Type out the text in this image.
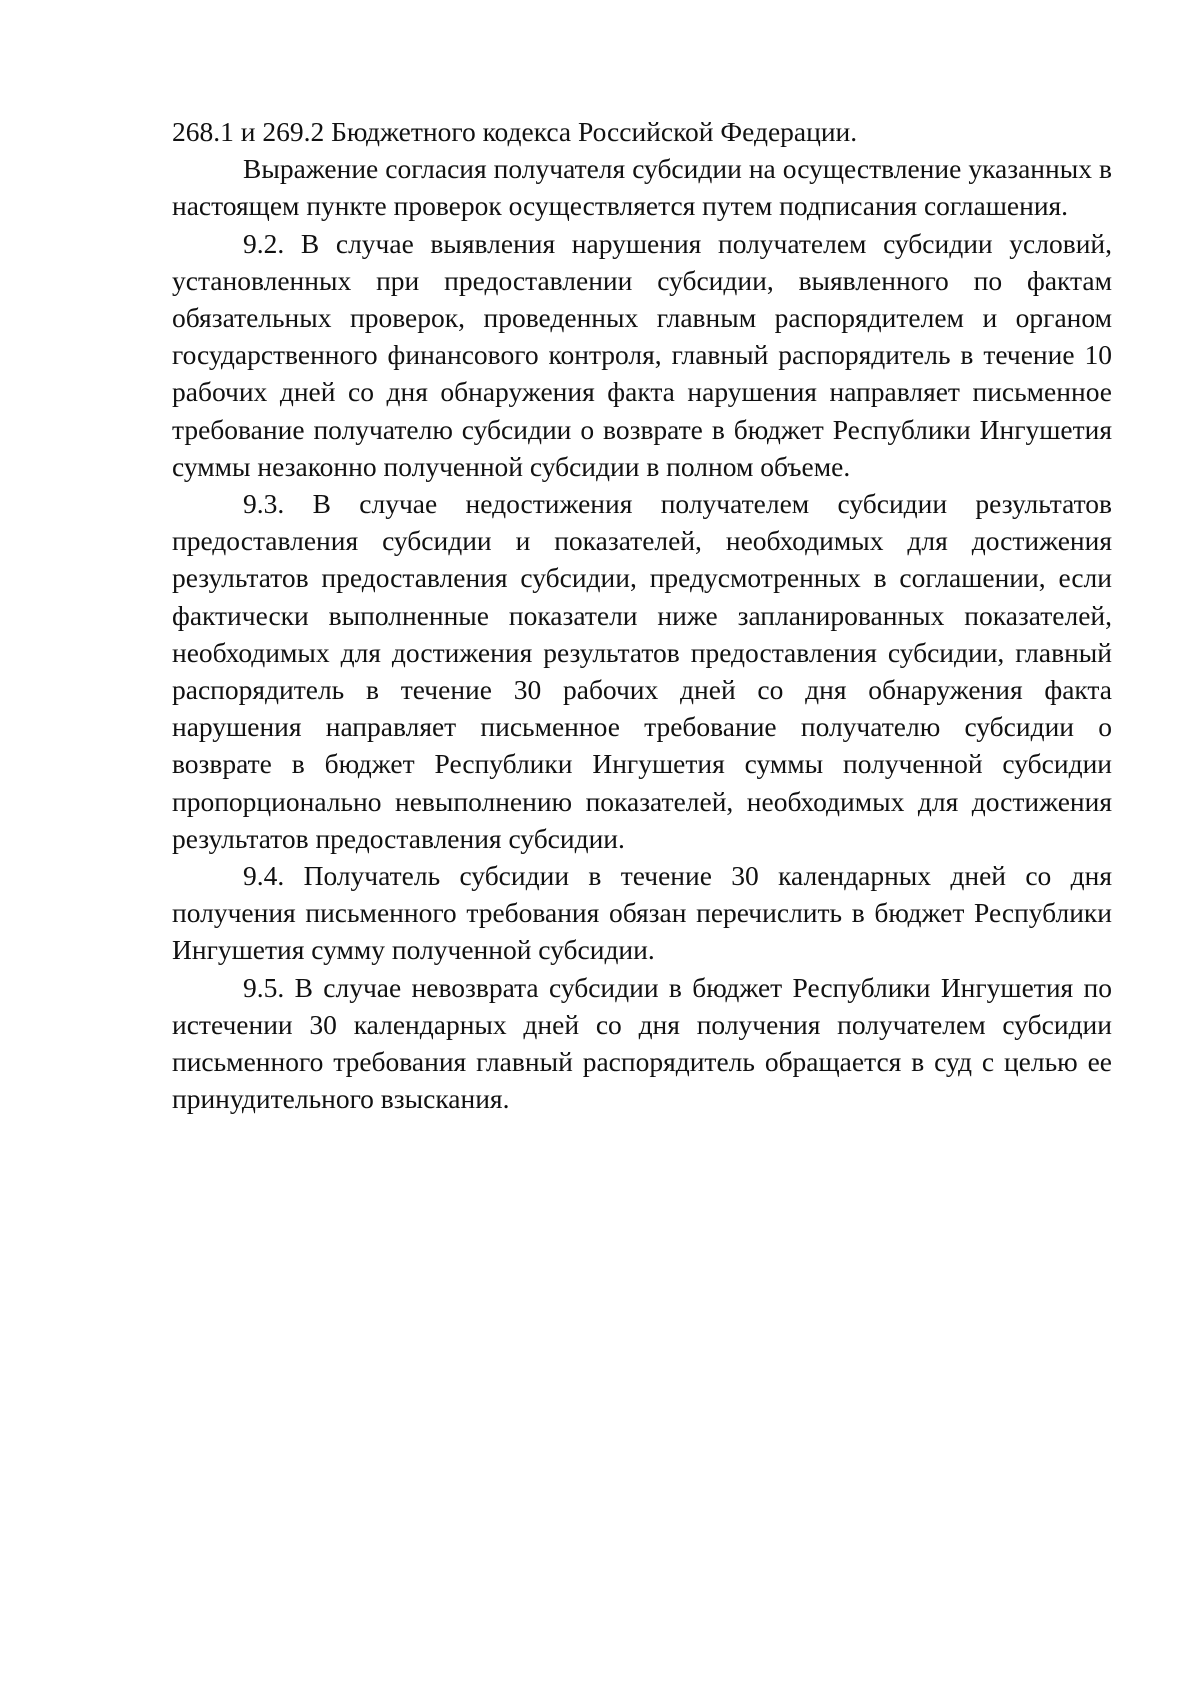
268.1 и 269.2 Бюджетного кодекса Российской Федерации.

Выражение согласия получателя субсидии на осуществление указанных в настоящем пункте проверок осуществляется путем подписания соглашения.

9.2. В случае выявления нарушения получателем субсидии условий, установленных при предоставлении субсидии, выявленного по фактам обязательных проверок, проведенных главным распорядителем и органом государственного финансового контроля, главный распорядитель в течение 10 рабочих дней со дня обнаружения факта нарушения направляет письменное требование получателю субсидии о возврате в бюджет Республики Ингушетия суммы незаконно полученной субсидии в полном объеме.

9.3. В случае недостижения получателем субсидии результатов предоставления субсидии и показателей, необходимых для достижения результатов предоставления субсидии, предусмотренных в соглашении, если фактически выполненные показатели ниже запланированных показателей, необходимых для достижения результатов предоставления субсидии, главный распорядитель в течение 30 рабочих дней со дня обнаружения факта нарушения направляет письменное требование получателю субсидии о возврате в бюджет Республики Ингушетия суммы полученной субсидии пропорционально невыполнению показателей, необходимых для достижения результатов предоставления субсидии.

9.4. Получатель субсидии в течение 30 календарных дней со дня получения письменного требования обязан перечислить в бюджет Республики Ингушетия сумму полученной субсидии.

9.5. В случае невозврата субсидии в бюджет Республики Ингушетия по истечении 30 календарных дней со дня получения получателем субсидии письменного требования главный распорядитель обращается в суд с целью ее принудительного взыскания.
